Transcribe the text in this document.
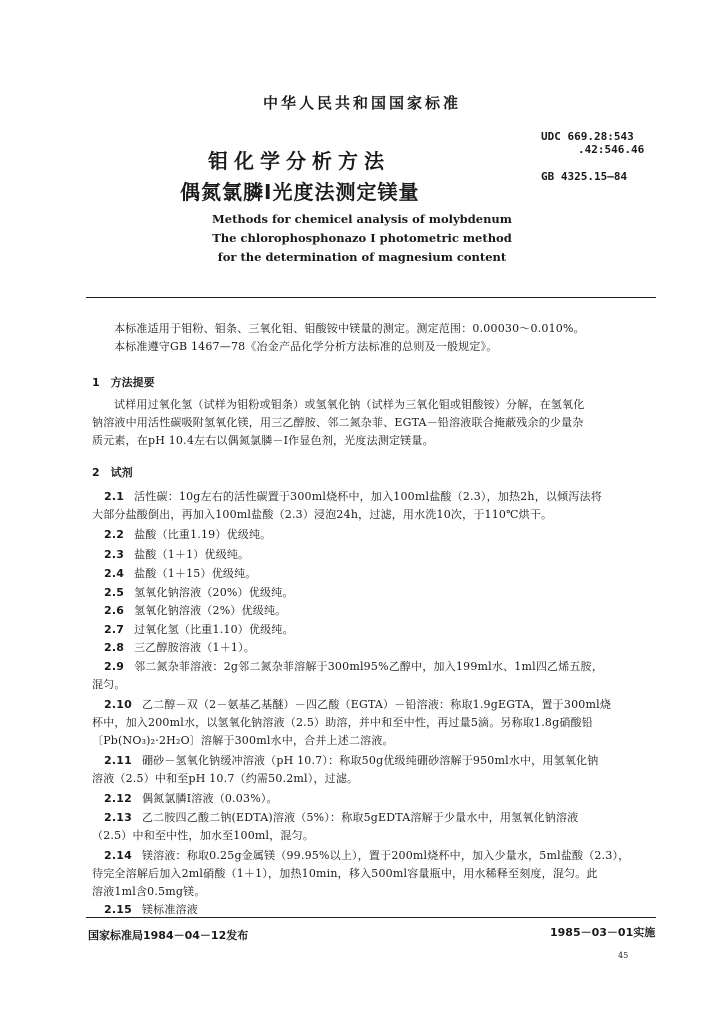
中华人民共和国国家标准
UDC 669.28:543
.42:546.46
GB 4325.15—84
钼化学分析方法
偶氮氯膦Ⅰ光度法测定镁量
Methods for chemicel analysis of molybdenum
The chlorophosphonazo I photometric method
for the determination of magnesium content
本标准适用于钼粉、钼条、三氧化钼、钼酸铵中镁量的测定。测定范围：0.00030～0.010%。
本标准遵守GB 1467—78《冶金产品化学分析方法标准的总则及一般规定》。
1　方法提要
试样用过氧化氢（试样为钼粉或钼条）或氢氧化钠（试样为三氧化钼或钼酸铵）分解，在氢氧化
钠溶液中用活性碳吸附氢氧化镁，用三乙醇胺、邻二氮杂菲、EGTA－铅溶液联合掩蔽残余的少量杂
质元素，在pH 10.4左右以偶氮氯膦－Ⅰ作显色剂，光度法测定镁量。
2　试剂
2.1 活性碳：10g左右的活性碳置于300ml烧杯中，加入100ml盐酸（2.3），加热2h，以倾泻法将
大部分盐酸倒出，再加入100ml盐酸（2.3）浸泡24h，过滤，用水洗10次，于110℃烘干。
2.2 盐酸（比重1.19）优级纯。
2.3 盐酸（1＋1）优级纯。
2.4 盐酸（1＋15）优级纯。
2.5 氢氧化钠溶液（20%）优级纯。
2.6 氢氧化钠溶液（2%）优级纯。
2.7 过氧化氢（比重1.10）优级纯。
2.8 三乙醇胺溶液（1＋1）。
2.9 邻二氮杂菲溶液：2g邻二氮杂菲溶解于300ml95%乙醇中，加入199ml水、1ml四乙烯五胺，
混匀。
2.10 乙二醇－双（2－氨基乙基醚）－四乙酸（EGTA）－铅溶液：称取1.9gEGTA，置于300ml烧
杯中，加入200ml水，以氢氧化钠溶液（2.5）助溶，并中和至中性，再过量5滴。另称取1.8g硝酸铅
〔Pb(NO₃)₂·2H₂O〕溶解于300ml水中，合并上述二溶液。
2.11 硼砂－氢氧化钠缓冲溶液（pH 10.7）：称取50g优级纯硼砂溶解于950ml水中，用氢氧化钠
溶液（2.5）中和至pH 10.7（约需50.2ml），过滤。
2.12 偶氮氯膦Ⅰ溶液（0.03%）。
2.13 乙二胺四乙酸二钠(EDTA)溶液（5%）：称取5gEDTA溶解于少量水中，用氢氧化钠溶液
（2.5）中和至中性，加水至100ml，混匀。
2.14 镁溶液：称取0.25g金属镁（99.95%以上），置于200ml烧杯中，加入少量水，5ml盐酸（2.3），
待完全溶解后加入2ml硝酸（1＋1），加热10min，移入500ml容量瓶中，用水稀释至刻度，混匀。此
溶液1ml含0.5mg镁。
2.15 镁标准溶液
国家标准局1984－04－12发布	1985－03－01实施
45
